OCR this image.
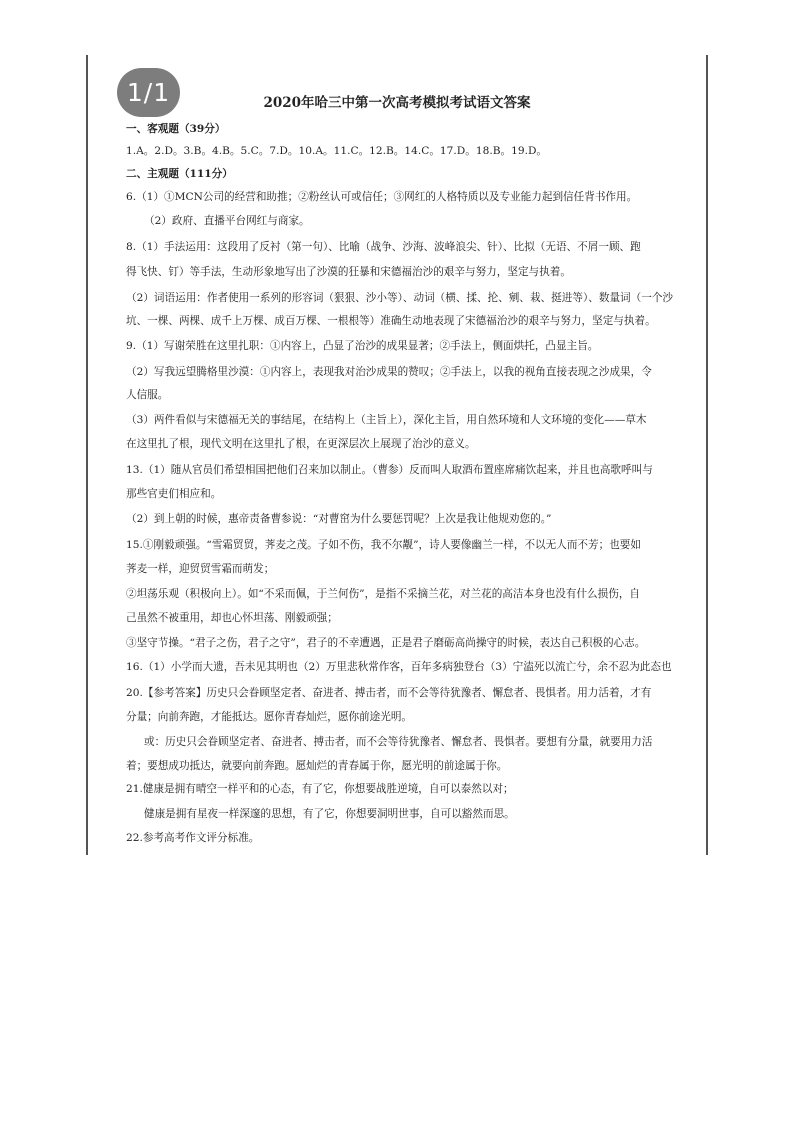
1/1	2020年哈三中第一次高考模拟考试语文答案
一、客观题（39分）
1.A。2.D。3.B。4.B。5.C。7.D。10.A。11.C。12.B。14.C。17.D。18.B。19.D。
二、主观题（111分）
6.（1）①MCN公司的经营和助推；②粉丝认可或信任；③网红的人格特质以及专业能力起到信任背书作用。
（2）政府、直播平台网红与商家。
8.（1）手法运用：这段用了反衬（第一句）、比喻（战争、沙海、波峰浪尖、针）、比拟（无语、不屑一顾、跑
得飞快、钉）等手法，生动形象地写出了沙漠的狂暴和宋德福治沙的艰辛与努力，坚定与执着。
（2）词语运用：作者使用一系列的形容词（狠狠、沙小等）、动词（横、揉、抡、剜、栽、挺进等）、数量词（一个沙
坑、一棵、两棵、成千上万棵、成百万棵、一根根等）准确生动地表现了宋德福治沙的艰辛与努力，坚定与执着。
9.（1）写谢荣胜在这里扎职：①内容上，凸显了治沙的成果显著；②手法上，侧面烘托，凸显主旨。
（2）写我远望腾格里沙漠：①内容上，表现我对治沙成果的赞叹；②手法上，以我的视角直接表现之沙成果，令
人信服。
（3）两件看似与宋德福无关的事结尾，在结构上（主旨上），深化主旨，用自然环境和人文环境的变化——草木
在这里扎了根，现代文明在这里扎了根，在更深层次上展现了治沙的意义。
13.（1）随从官员们希望相国把他们召来加以制止。（曹参）反而叫人取酒布置座席痛饮起来，并且也高歌呼叫与
那些官吏们相应和。
（2）到上朝的时候，惠帝责备曹参说：“对曹窋为什么要惩罚呢？上次是我让他规劝您的。”
15.①刚毅顽强。“雪霜贸贸，荠麦之茂。子如不伤，我不尔觏”，诗人要像幽兰一样，不以无人而不芳；也要如
荠麦一样，迎贸贸雪霜而萌发；
②坦荡乐观（积极向上）。如“不采而佩，于兰何伤”，是指不采摘兰花，对兰花的高洁本身也没有什么损伤，自
己虽然不被重用，却也心怀坦荡、刚毅顽强；
③坚守节操。“君子之伤，君子之守”，君子的不幸遭遇，正是君子磨砺高尚操守的时候，表达自己积极的心志。
16.（1）小学而大遗，吾未见其明也（2）万里悲秋常作客，百年多病独登台（3）宁溘死以流亡兮，余不忍为此态也
20.【参考答案】历史只会眷顾坚定者、奋进者、搏击者，而不会等待犹豫者、懈怠者、畏惧者。用力活着，才有
分量；向前奔跑，才能抵达。愿你青春灿烂，愿你前途光明。
或：历史只会眷顾坚定者、奋进者、搏击者，而不会等待犹豫者、懈怠者、畏惧者。要想有分量，就要用力活
着；要想成功抵达，就要向前奔跑。愿灿烂的青春属于你，愿光明的前途属于你。
21.健康是拥有晴空一样平和的心态，有了它，你想要战胜逆境，自可以泰然以对；
健康是拥有星夜一样深邃的思想，有了它，你想要洞明世事，自可以豁然而思。
22.参考高考作文评分标准。
